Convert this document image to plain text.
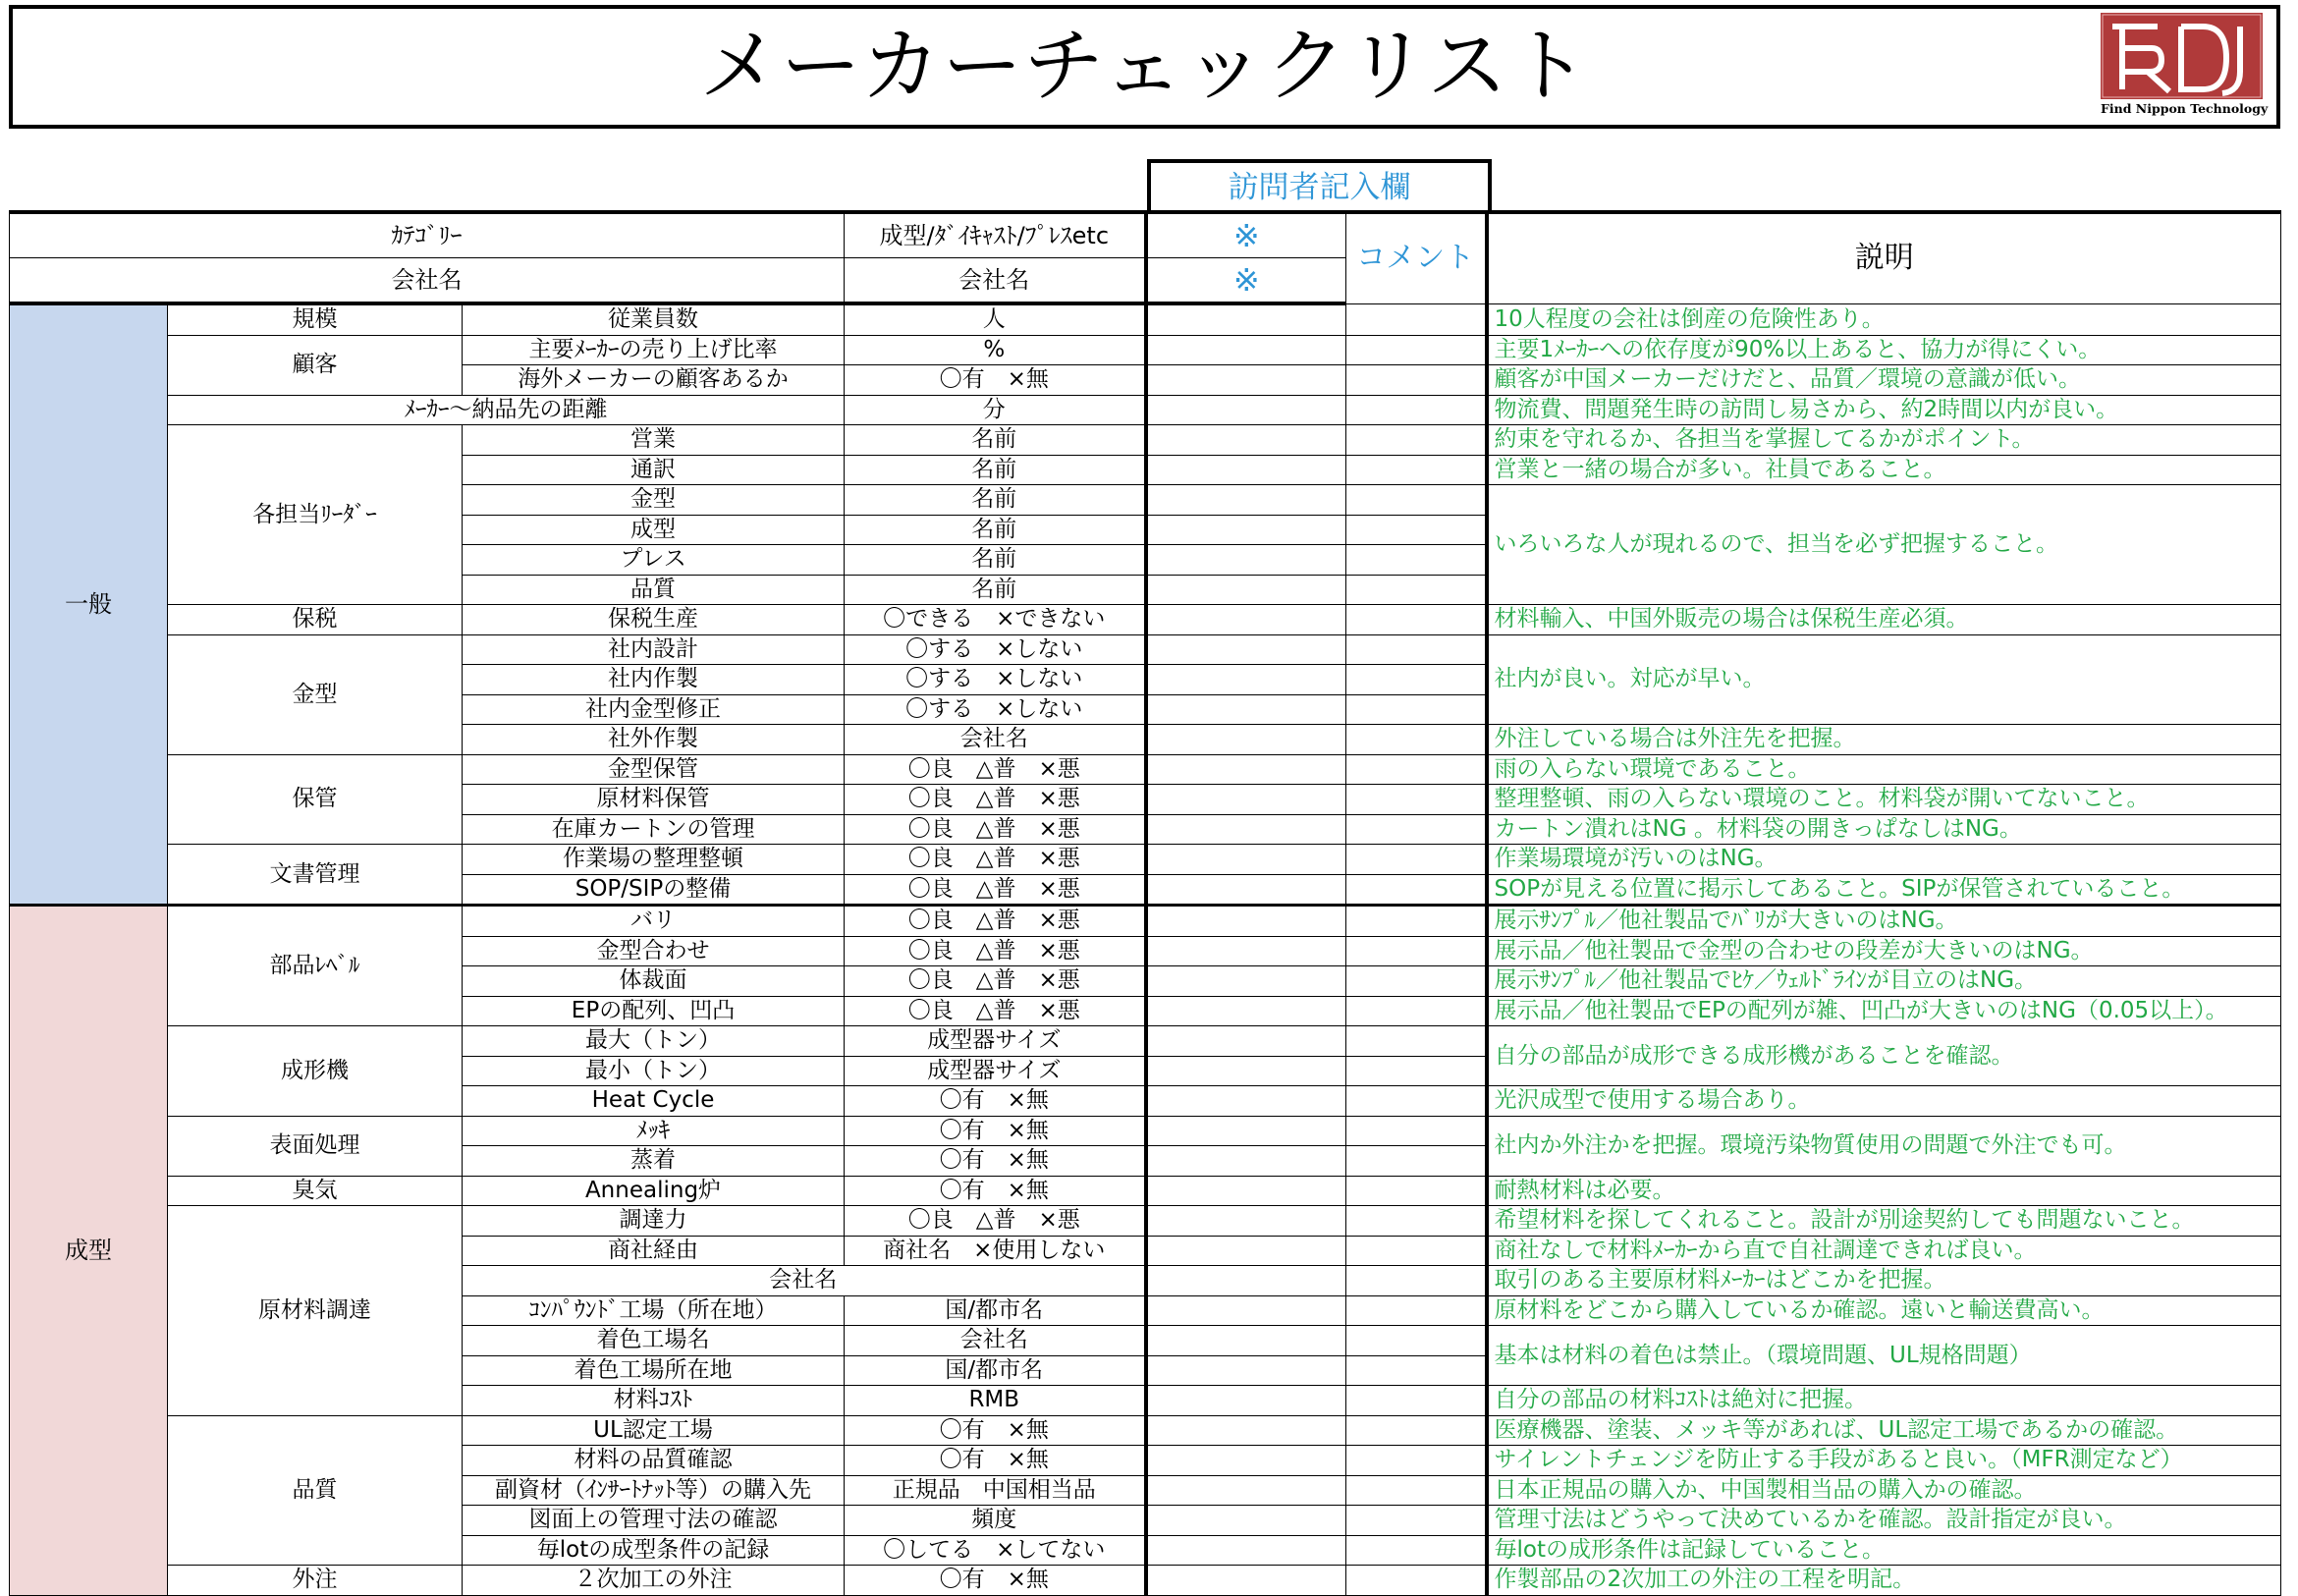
メーカーチェックリスト	Find Nippon Technology
訪問者記入欄
ｶﾃｺﾞﾘｰ			成型/ﾀﾞｲｷｬｽﾄ/ﾌﾟﾚｽetc	※	コメント	説明
会社名			会社名	※		
一般	規模	従業員数	人			10人程度の会社は倒産の危険性あり。
	顧客	主要ﾒｰｶｰの売り上げ比率	%			主要1ﾒｰｶｰへの依存度が90%以上あると、協力が得にくい。
		海外メーカーの顧客あるか	〇有　×無			顧客が中国メーカーだけだと、品質／環境の意識が低い。
	ﾒｰｶｰ～納品先の距離		分			物流費、問題発生時の訪問し易さから、約2時間以内が良い。
	各担当ﾘｰﾀﾞｰ	営業	名前			約束を守れるか、各担当を掌握してるかがポイント。
		通訳	名前			営業と一緒の場合が多い。社員であること。
		金型	名前			いろいろな人が現れるので、担当を必ず把握すること。
		成型	名前			
		プレス	名前			
		品質	名前			
	保税	保税生産	〇できる　×できない			材料輸入、中国外販売の場合は保税生産必須。
	金型	社内設計	〇する　×しない			社内が良い。対応が早い。
		社内作製	〇する　×しない			
		社内金型修正	〇する　×しない			
		社外作製	会社名			外注している場合は外注先を把握。
	保管	金型保管	〇良　△普　×悪			雨の入らない環境であること。
		原材料保管	〇良　△普　×悪			整理整頓、雨の入らない環境のこと。材料袋が開いてないこと。
		在庫カートンの管理	〇良　△普　×悪			カートン潰れはNG 。材料袋の開きっぱなしはNG。
	文書管理	作業場の整理整頓	〇良　△普　×悪			作業場環境が汚いのはNG。
		SOP/SIPの整備	〇良　△普　×悪			SOPが見える位置に掲示してあること。SIPが保管されていること。
成型	部品ﾚﾍﾞﾙ	バリ	〇良　△普　×悪			展示ｻﾝﾌﾟﾙ／他社製品でﾊﾞﾘが大きいのはNG。
		金型合わせ	〇良　△普　×悪			展示品／他社製品で金型の合わせの段差が大きいのはNG。
		体裁面	〇良　△普　×悪			展示ｻﾝﾌﾟﾙ／他社製品でﾋｹ／ｳｪﾙﾄﾞﾗｲﾝが目立のはNG。
		EPの配列、凹凸	〇良　△普　×悪			展示品／他社製品でEPの配列が雑、凹凸が大きいのはNG（0.05以上）。
	成形機	最大（トン）	成型器サイズ			自分の部品が成形できる成形機があることを確認。
		最小（トン）	成型器サイズ			
		Heat Cycle	〇有　×無			光沢成型で使用する場合あり。
	表面処理	ﾒｯｷ	〇有　×無			社内か外注かを把握。環境汚染物質使用の問題で外注でも可。
		蒸着	〇有　×無			
	臭気	Annealing炉	〇有　×無			耐熱材料は必要。
	原材料調達	調達力	〇良　△普　×悪			希望材料を探してくれること。設計が別途契約しても問題ないこと。
		商社経由	商社名　×使用しない			商社なしで材料ﾒｰｶｰから直で自社調達できれば良い。
		会社名				取引のある主要原材料ﾒｰｶｰはどこかを把握。
		ｺﾝﾊﾟｳﾝﾄﾞ工場（所在地）	国/都市名			原材料をどこから購入しているか確認。遠いと輸送費高い。
		着色工場名	会社名			基本は材料の着色は禁止。（環境問題、UL規格問題）
		着色工場所在地	国/都市名			
		材料ｺｽﾄ	RMB			自分の部品の材料ｺｽﾄは絶対に把握。
	品質	UL認定工場	〇有　×無			医療機器、塗装、メッキ等があれば、UL認定工場であるかの確認。
		材料の品質確認	〇有　×無			サイレントチェンジを防止する手段があると良い。（MFR測定など）
		副資材（ｲﾝｻｰﾄﾅｯﾄ等）の購入先	正規品　中国相当品			日本正規品の購入か、中国製相当品の購入かの確認。
		図面上の管理寸法の確認	頻度			管理寸法はどうやって決めているかを確認。設計指定が良い。
		毎lotの成型条件の記録	〇してる　×してない			毎lotの成形条件は記録していること。
	外注	２次加工の外注	〇有　×無			作製部品の2次加工の外注の工程を明記。
